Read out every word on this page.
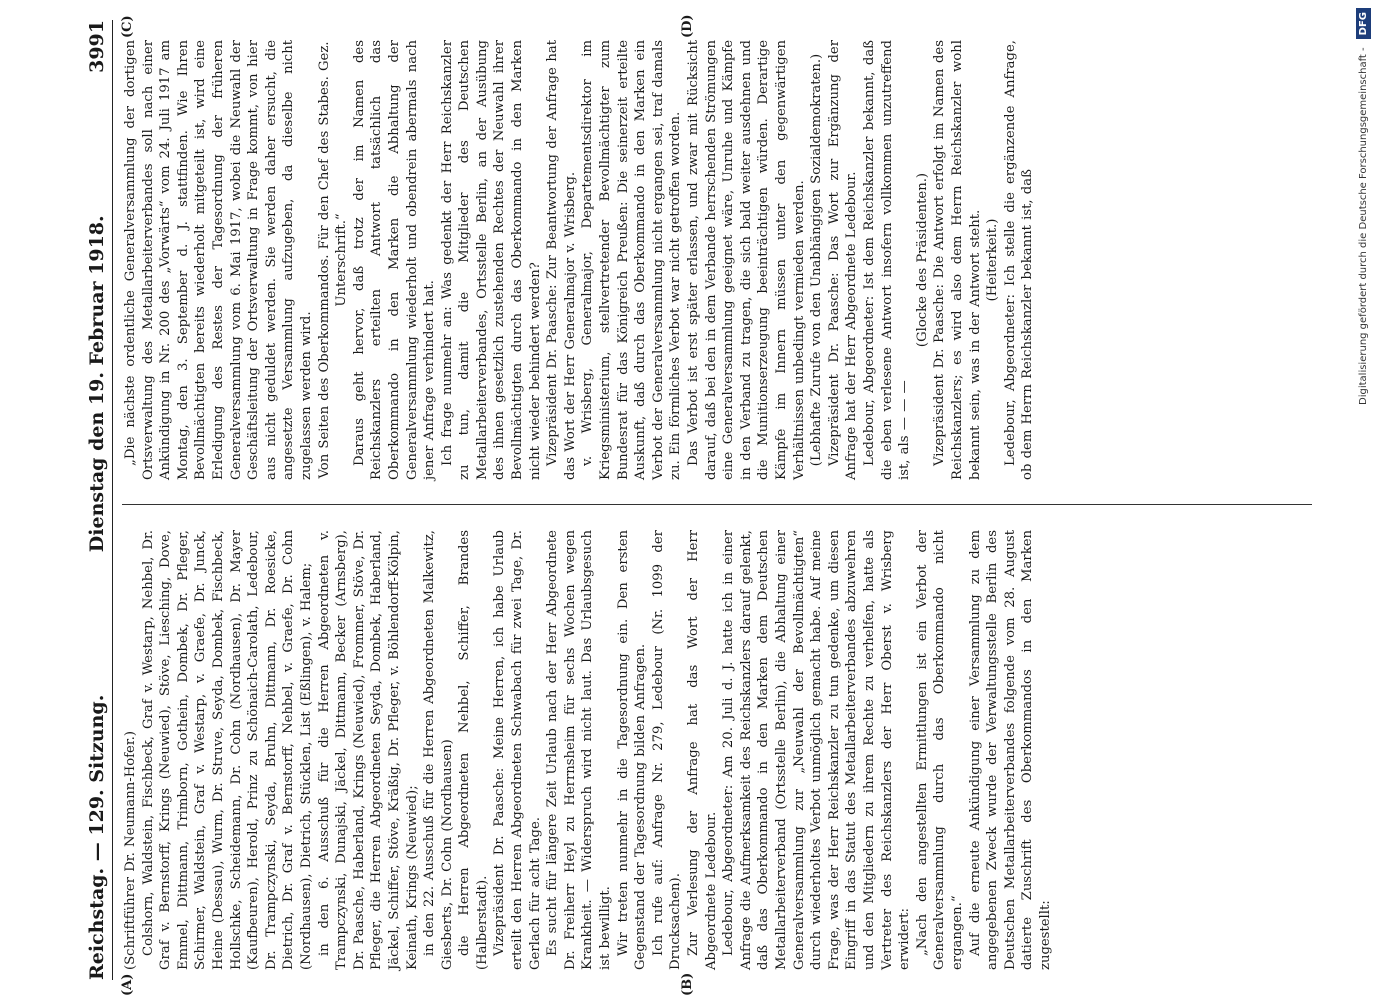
Reichstag. — 129. Sitzung.
Dienstag den 19. Februar 1918.
3991
(A)	(B)
(C)	(D)

(Schriftführer Dr. Neumann-Hofer.) Colshorn, Waldstein, Fischbeck, Graf v. Westarp, Nehbel, Dr. Graf v. Bernstorff, Krings (Neuwied), Stöve, Liesching, Dove, Emmel, Dittmann, Trimborn, Gothein, Dombek, Dr. Pfleger, Schirmer, Waldstein, Graf v. Westarp, v. Graefe, Dr. Junck, Heine (Dessau), Wurm, Dr. Struve, Seyda, Dombek, Fischbeck, Hollschke, Scheidemann, Dr. Cohn (Nordhausen), Dr. Mayer (Kaufbeuren), Herold, Prinz zu Schönaich-Carolath, Ledebour, Dr. Trampczynski, Seyda, Bruhn, Dittmann, Dr. Roesicke, Dietrich, Dr. Graf v. Bernstorff, Nehbel, v. Graefe, Dr. Cohn (Nordhausen), Dietrich, Stücklen, List (Eßlingen), v. Halem; in den 6. Ausschuß für die Herren Abgeordneten v. Trampczynski, Dunajski, Jäckel, Dittmann, Becker (Arnsberg), Dr. Paasche, Haberland, Krings (Neuwied), Frommer, Stöve, Dr. Pfleger, die Herren Abgeordneten Seyda, Dombek, Haberland, Jäckel, Schiffer, Stöve, Kräßig, Dr. Pfleger, v. Böhlendorff-Kölpin, Keinath, Krings (Neuwied); in den 22. Ausschuß für die Herren Abgeordneten Malkewitz, Giesberts, Dr. Cohn (Nordhausen) die Herren Abgeordneten Nehbel, Schiffer, Brandes (Halberstadt). Vizepräsident Dr. Paasche: Meine Herren, ich habe Urlaub erteilt den Herren Abgeordneten Schwabach für zwei Tage, Dr. Gerlach für acht Tage. Es sucht für längere Zeit Urlaub nach der Herr Abgeordnete Dr. Freiherr Heyl zu Herrnsheim für sechs Wochen wegen Krankheit. — Widerspruch wird nicht laut. Das Urlaubsgesuch ist bewilligt. Wir treten nunmehr in die Tagesordnung ein. Den ersten Gegenstand der Tagesordnung bilden Anfragen. Ich rufe auf: Anfrage Nr. 279, Ledebour (Nr. 1099 der Drucksachen). Zur Verlesung der Anfrage hat das Wort der Herr Abgeordnete Ledebour. Ledebour, Abgeordneter: Am 20. Juli d. J. hatte ich in einer Anfrage die Aufmerksamkeit des Reichskanzlers darauf gelenkt, daß das Oberkommando in den Marken dem Deutschen Metallarbeiterverband (Ortsstelle Berlin), die Abhaltung einer Generalversammlung zur „Neuwahl der Bevollmächtigten“ durch wiederholtes Verbot unmöglich gemacht habe. Auf meine Frage, was der Herr Reichskanzler zu tun gedenke, um diesen Eingriff in das Statut des Metallarbeiterverbandes abzuwehren und den Mitgliedern zu ihrem Rechte zu verhelfen, hatte als Vertreter des Reichskanzlers der Herr Oberst v. Wrisberg erwidert: „Nach den angestellten Ermittlungen ist ein Verbot der Generalversammlung durch das Oberkommando nicht ergangen.“ Auf die erneute Ankündigung einer Versammlung zu dem angegebenen Zweck wurde der Verwaltungsstelle Berlin des Deutschen Metallarbeiterverbandes folgende vom 28. August datierte Zuschrift des Oberkommandos in den Marken zugestellt:

„Die nächste ordentliche Generalversammlung der dortigen Ortsverwaltung des Metallarbeiterverbandes soll nach einer Ankündigung in Nr. 200 des „Vorwärts“ vom 24. Juli 1917 am Montag, den 3. September d. J. stattfinden. Wie Ihren Bevollmächtigten bereits wiederholt mitgeteilt ist, wird eine Erledigung des Restes der Tagesordnung der früheren Generalversammlung vom 6. Mai 1917, wobei die Neuwahl der Geschäftsleitung der Ortsverwaltung in Frage kommt, von hier aus nicht geduldet werden. Sie werden daher ersucht, die angesetzte Versammlung aufzugeben, da dieselbe nicht zugelassen werden wird. Von Seiten des Oberkommandos. Für den Chef des Stabes. Gez. Unterschrift.“ Daraus geht hervor, daß trotz der im Namen des Reichskanzlers erteilten Antwort tatsächlich das Oberkommando in den Marken die Abhaltung der Generalversammlung wiederholt und obendrein abermals nach jener Anfrage verhindert hat. Ich frage nunmehr an: Was gedenkt der Herr Reichskanzler zu tun, damit die Mitglieder des Deutschen Metallarbeiterverbandes, Ortsstelle Berlin, an der Ausübung des ihnen gesetzlich zustehenden Rechtes der Neuwahl ihrer Bevollmächtigten durch das Oberkommando in den Marken nicht wieder behindert werden? Vizepräsident Dr. Paasche: Zur Beantwortung der Anfrage hat das Wort der Herr Generalmajor v. Wrisberg. v. Wrisberg, Generalmajor, Departementsdirektor im Kriegsministerium, stellvertretender Bevollmächtigter zum Bundesrat für das Königreich Preußen: Die seinerzeit erteilte Auskunft, daß durch das Oberkommando in den Marken ein Verbot der Generalversammlung nicht ergangen sei, traf damals zu. Ein förmliches Verbot war nicht getroffen worden. Das Verbot ist erst später erlassen, und zwar mit Rücksicht darauf, daß bei den in dem Verbande herrschenden Strömungen eine Generalversammlung geeignet wäre, Unruhe und Kämpfe in den Verband zu tragen, die sich bald weiter ausdehnen und die Munitionserzeugung beeinträchtigen würden. Derartige Kämpfe im Innern müssen unter den gegenwärtigen Verhältnissen unbedingt vermieden werden. (Lebhafte Zurufe von den Unabhängigen Sozialdemokraten.) Vizepräsident Dr. Paasche: Das Wort zur Ergänzung der Anfrage hat der Herr Abgeordnete Ledebour. Ledebour, Abgeordneter: Ist dem Reichskanzler bekannt, daß die eben verlesene Antwort insofern vollkommen unzutreffend ist, als — — —

(Glocke des Präsidenten.) Vizepräsident Dr. Paasche: Die Antwort erfolgt im Namen des Reichskanzlers; es wird also dem Herrn Reichskanzler wohl bekannt sein, was in der Antwort steht. (Heiterkeit.) Ledebour, Abgeordneter: Ich stelle die ergänzende Anfrage, ob dem Herrn Reichskanzler bekannt ist, daß	Digitalisierung gefördert durch die Deutsche Forschungsgemeinschaft -
DFG
